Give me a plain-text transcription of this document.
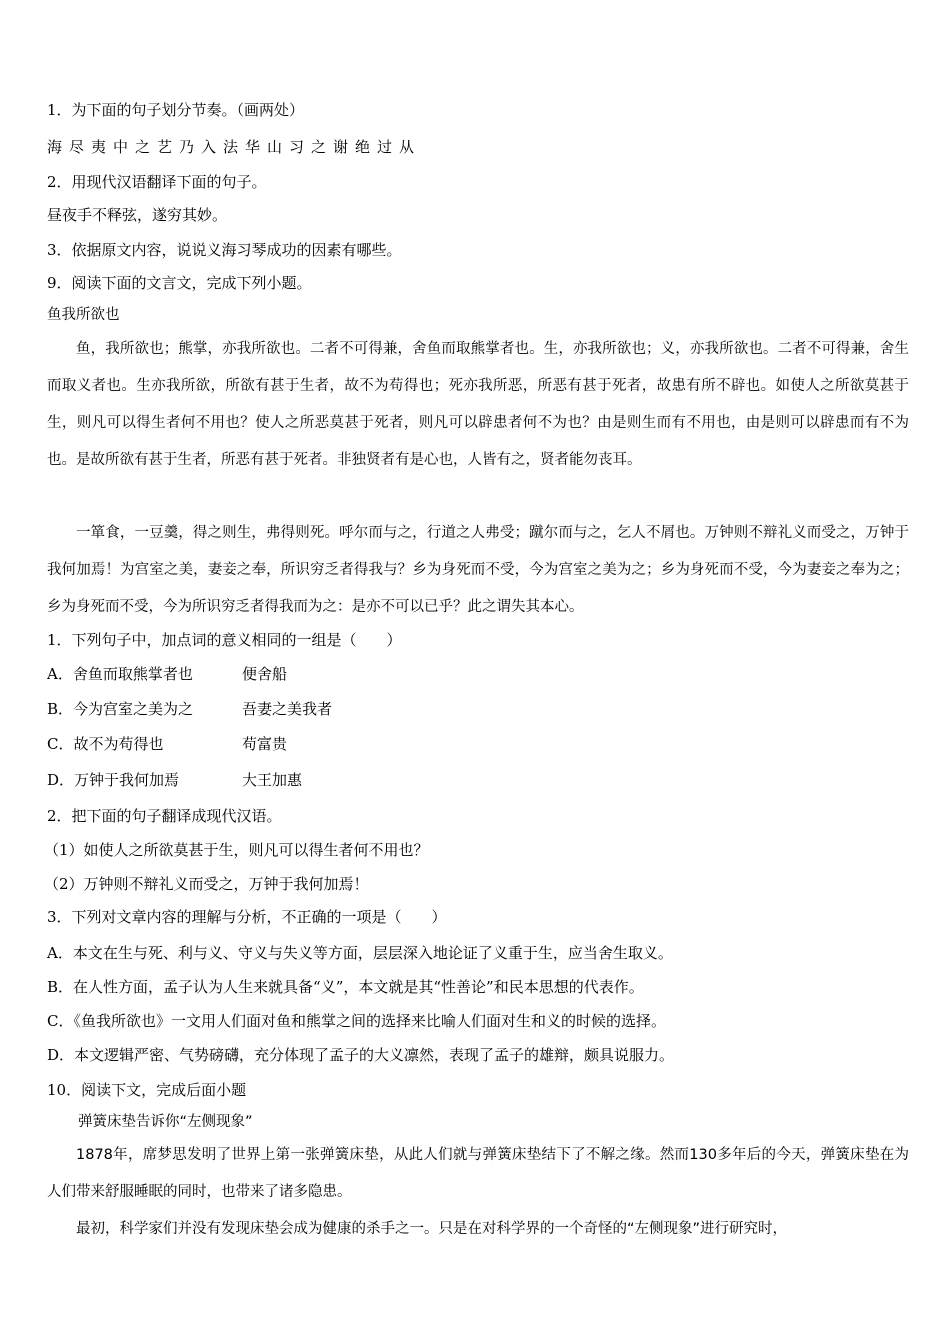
1．为下面的句子划分节奏。（画两处）
海尽夷中之艺乃入法华山习之谢绝过从
2．用现代汉语翻译下面的句子。
昼夜手不释弦，遂穷其妙。
3．依据原文内容，说说义海习琴成功的因素有哪些。
9．阅读下面的文言文，完成下列小题。
鱼我所欲也
鱼，我所欲也；熊掌，亦我所欲也。二者不可得兼，舍鱼而取熊掌者也。生，亦我所欲也；义，亦我所欲也。二者不可得兼，舍生而取义者也。生亦我所欲，所欲有甚于生者，故不为苟得也；死亦我所恶，所恶有甚于死者，故患有所不辟也。如使人之所欲莫甚于生，则凡可以得生者何不用也？使人之所恶莫甚于死者，则凡可以辟患者何不为也？由是则生而有不用也，由是则可以辟患而有不为也。是故所欲有甚于生者，所恶有甚于死者。非独贤者有是心也，人皆有之，贤者能勿丧耳。
一箪食，一豆羹，得之则生，弗得则死。呼尔而与之，行道之人弗受；蹴尔而与之，乞人不屑也。万钟则不辩礼义而受之，万钟于我何加焉！为宫室之美，妻妾之奉，所识穷乏者得我与？乡为身死而不受，今为宫室之美为之；乡为身死而不受，今为妻妾之奉为之；乡为身死而不受，今为所识穷乏者得我而为之：是亦不可以已乎？此之谓失其本心。
1．下列句子中，加点词的意义相同的一组是（　　）
A．舍鱼而取熊掌者也	便舍船
B．今为宫室之美为之	吾妻之美我者
C．故不为苟得也	苟富贵
D．万钟于我何加焉	大王加惠
2．把下面的句子翻译成现代汉语。
（1）如使人之所欲莫甚于生，则凡可以得生者何不用也？
（2）万钟则不辩礼义而受之，万钟于我何加焉！
3．下列对文章内容的理解与分析，不正确的一项是（　　）
A．本文在生与死、利与义、守义与失义等方面，层层深入地论证了义重于生，应当舍生取义。
B．在人性方面，孟子认为人生来就具备“义”，本文就是其“性善论”和民本思想的代表作。
C．《鱼我所欲也》一文用人们面对鱼和熊掌之间的选择来比喻人们面对生和义的时候的选择。
D．本文逻辑严密、气势磅礴，充分体现了孟子的大义凛然，表现了孟子的雄辩，颇具说服力。
10．阅读下文，完成后面小题
弹簧床垫告诉你“左侧现象”
1878年，席梦思发明了世界上第一张弹簧床垫，从此人们就与弹簧床垫结下了不解之缘。然而130多年后的今天，弹簧床垫在为人们带来舒服睡眠的同时，也带来了诸多隐患。
最初，科学家们并没有发现床垫会成为健康的杀手之一。只是在对科学界的一个奇怪的“左侧现象”进行研究时，
